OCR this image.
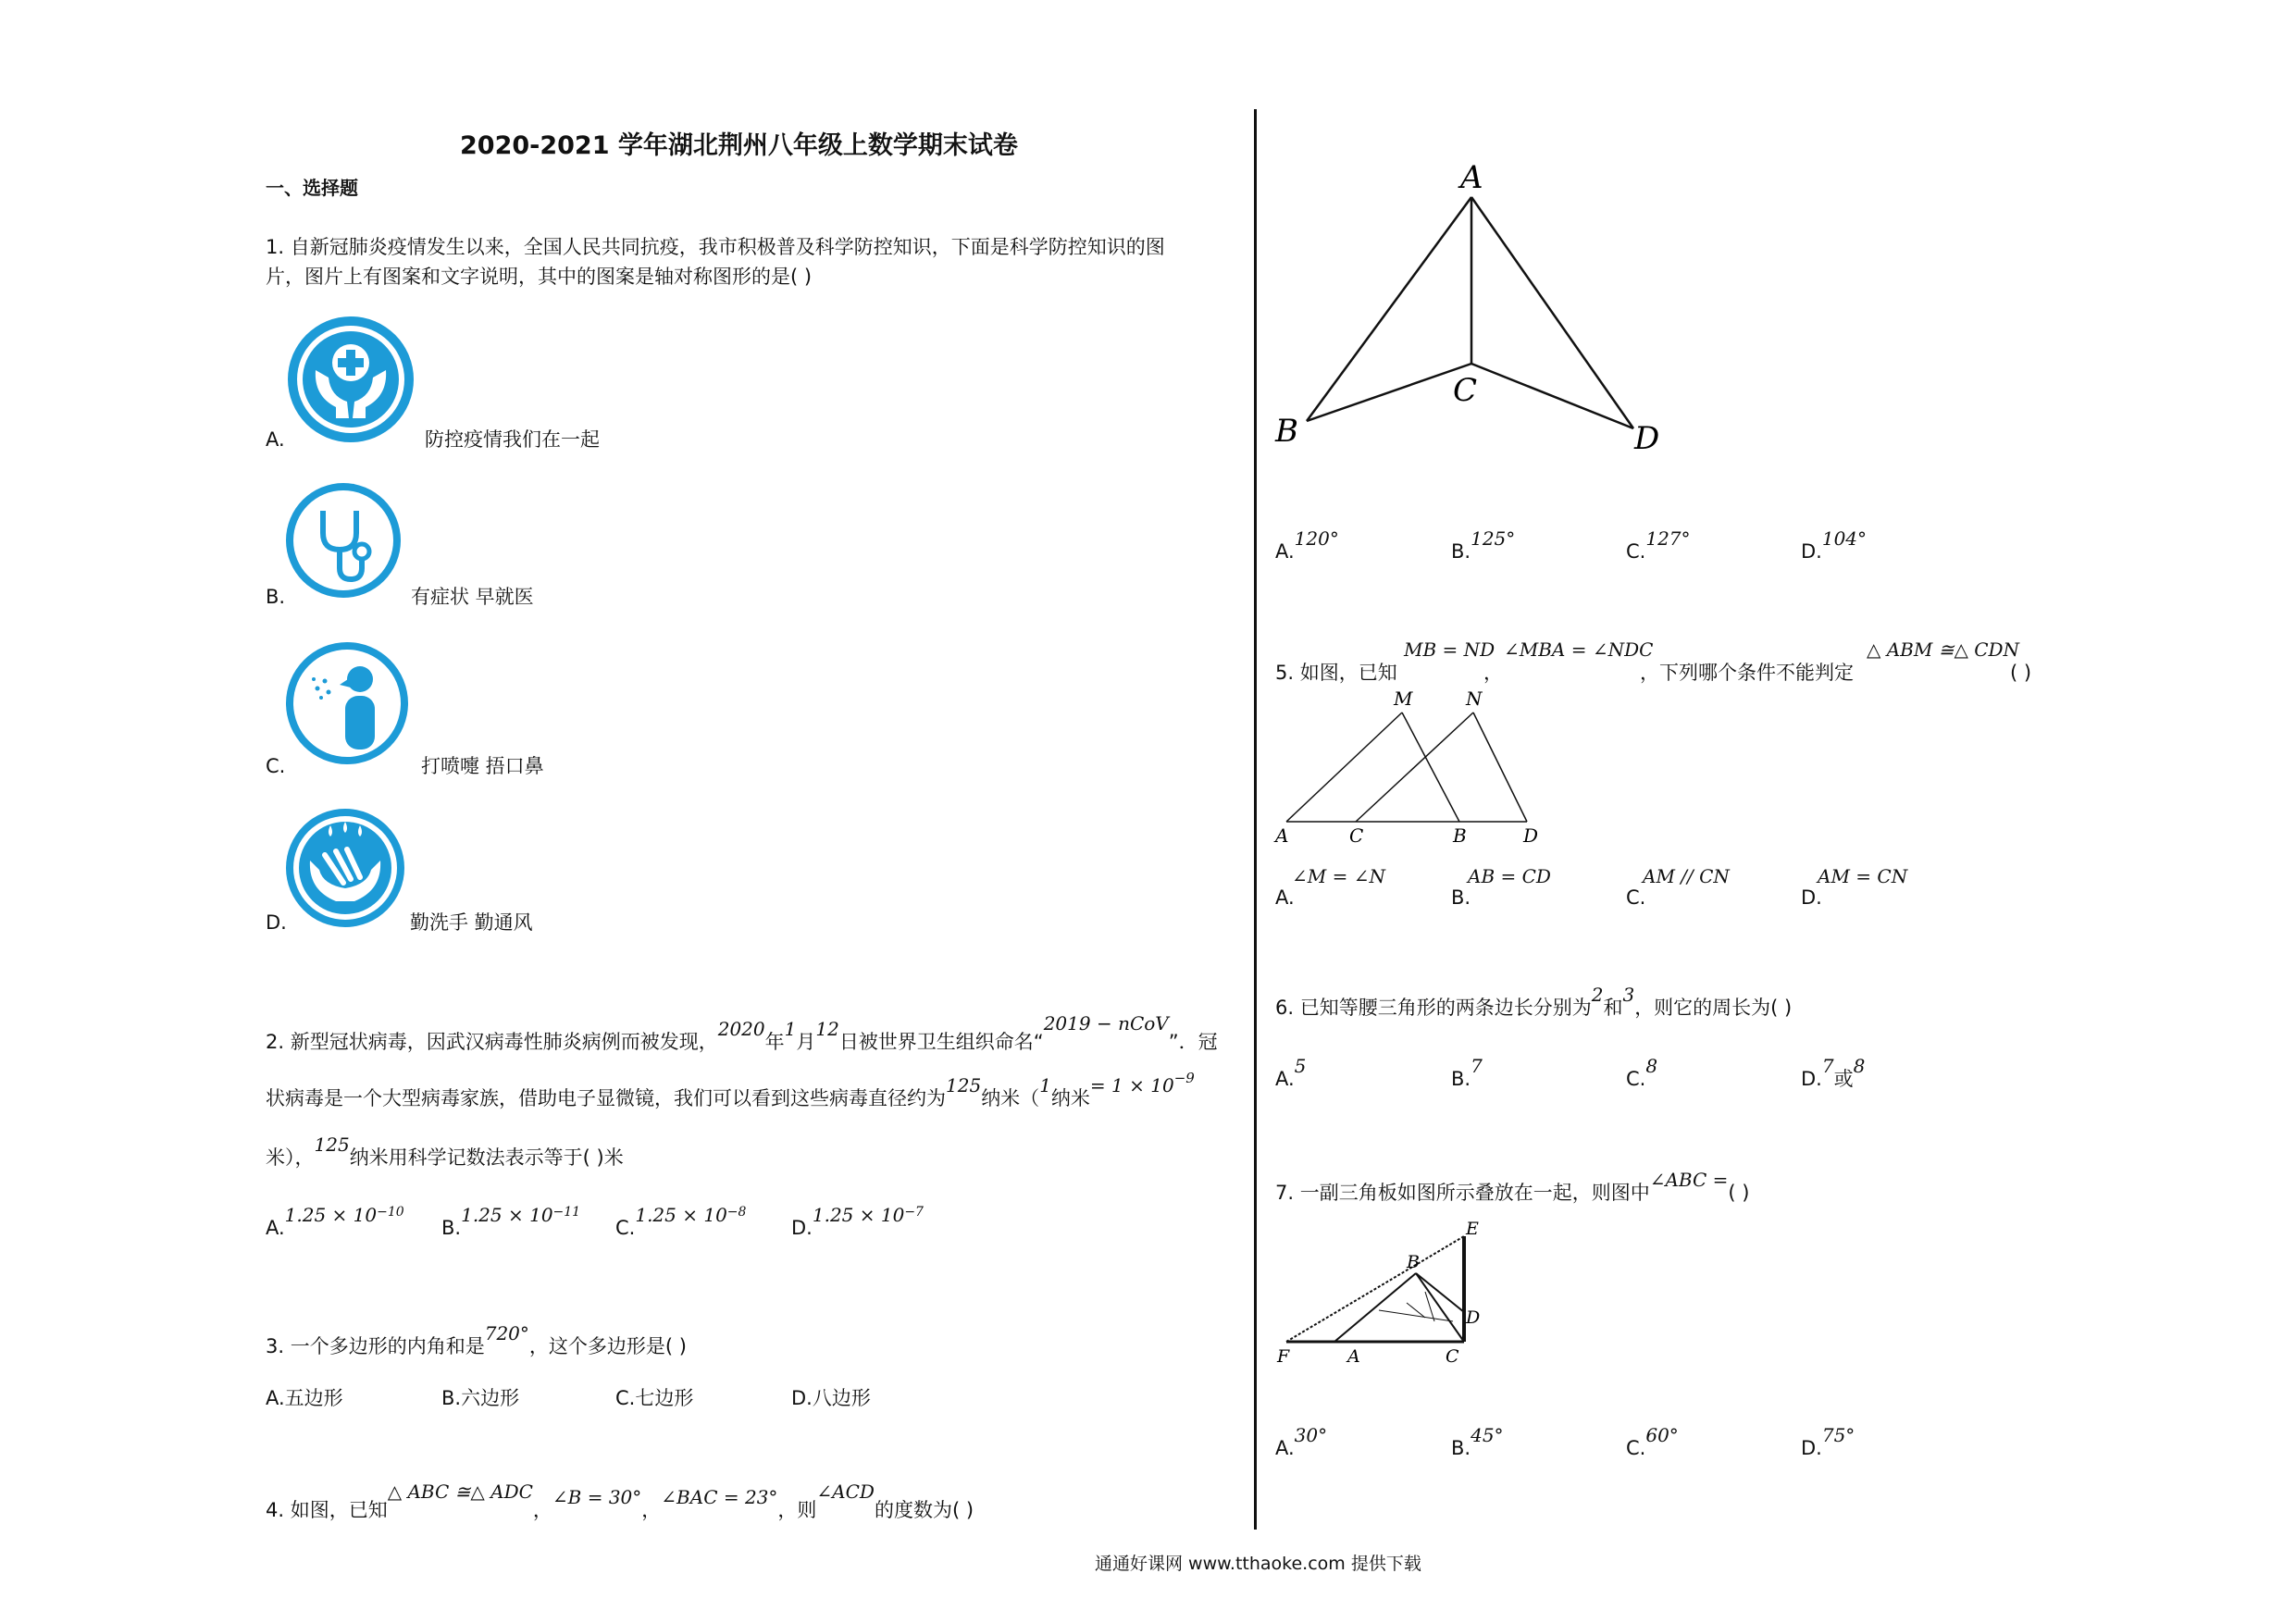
2020-2021 学年湖北荆州八年级上数学期末试卷
一、选择题
1. 自新冠肺炎疫情发生以来，全国人民共同抗疫，我市积极普及科学防控知识，下面是科学防控知识的图
片，图片上有图案和文字说明，其中的图案是轴对称图形的是( )
A.	防控疫情我们在一起
B.	有症状 早就医
C.	打喷嚏 捂口鼻
D.	勤洗手 勤通风
2. 新型冠状病毒，因武汉病毒性肺炎病例而被发现，2020年1月12日被世界卫生组织命名“2019 − nCoV”．冠
状病毒是一个大型病毒家族，借助电子显微镜，我们可以看到这些病毒直径约为125纳米（1纳米= $1 \times 10^{-9}$
米），125纳米用科学记数法表示等于( )米
$A.1.25 \times 10^{-10}$
$B.1.25 \times 10^{-11}$
$C.1.25 \times 10^{-8}$
$D.1.25 \times 10^{-7}$
3. 一个多边形的内角和是720°，这个多边形是( )
A.五边形	B.六边形	C.七边形	D.八边形
4. 如图，已知△ ABC ≅△ ADC，∠B = 30°，∠BAC = 23°，则∠ACD的度数为( )
A
B
C
D
A.120°
B.125°
C.127°
D.104°
5. 如图，已知
MB = ND
，
∠MBA = ∠NDC
，下列哪个条件不能判定
△ ABM ≅△ CDN
( )
M	N
A	C	B	D
A.
∠M = ∠N
B.
AB = CD
C.
AM // CN
D.
AM = CN
6. 已知等腰三角形的两条边长分别为2和3，则它的周长为( )
A.5
B.7
C.8
D.7或8
7. 一副三角板如图所示叠放在一起，则图中∠ABC =( )
E
B
D
F	A	C
A.30°
B.45°
C.60°
D.75°
通通好课网 www.tthaoke.com 提供下载
